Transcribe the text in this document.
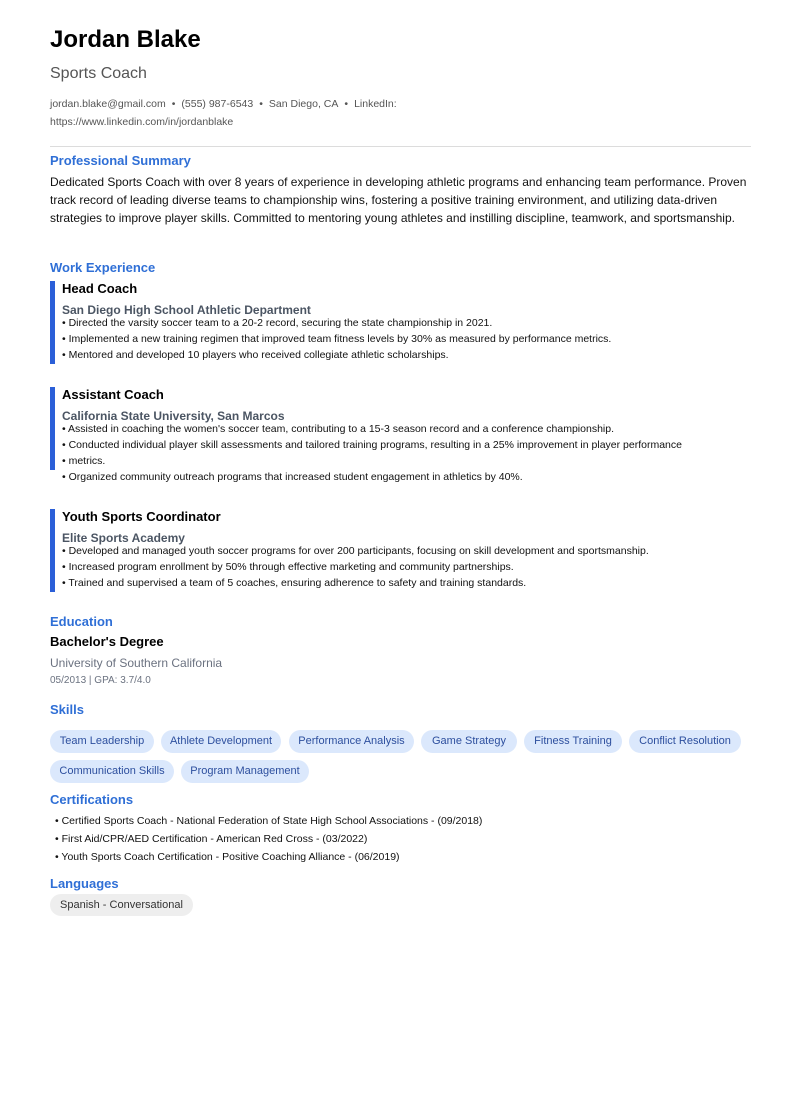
Jordan Blake
Sports Coach
jordan.blake@gmail.com • (555) 987-6543 • San Diego, CA • LinkedIn:
https://www.linkedin.com/in/jordanblake
Professional Summary
Dedicated Sports Coach with over 8 years of experience in developing athletic programs and enhancing team performance. Proven track record of leading diverse teams to championship wins, fostering a positive training environment, and utilizing data-driven strategies to improve player skills. Committed to mentoring young athletes and instilling discipline, teamwork, and sportsmanship.
Work Experience
Head Coach
San Diego High School Athletic Department
• Directed the varsity soccer team to a 20-2 record, securing the state championship in 2021.
• Implemented a new training regimen that improved team fitness levels by 30% as measured by performance metrics.
• Mentored and developed 10 players who received collegiate athletic scholarships.
Assistant Coach
California State University, San Marcos
• Assisted in coaching the women's soccer team, contributing to a 15-3 season record and a conference championship.
• Conducted individual player skill assessments and tailored training programs, resulting in a 25% improvement in player performance
• metrics.
• Organized community outreach programs that increased student engagement in athletics by 40%.
Youth Sports Coordinator
Elite Sports Academy
• Developed and managed youth soccer programs for over 200 participants, focusing on skill development and sportsmanship.
• Increased program enrollment by 50% through effective marketing and community partnerships.
• Trained and supervised a team of 5 coaches, ensuring adherence to safety and training standards.
Education
Bachelor's Degree
University of Southern California
05/2013 | GPA: 3.7/4.0
Skills
Team Leadership	Athlete Development	Performance Analysis	Game Strategy	Fitness Training	Conflict Resolution
Communication Skills	Program Management
Certifications
• Certified Sports Coach - National Federation of State High School Associations - (09/2018)
• First Aid/CPR/AED Certification - American Red Cross - (03/2022)
• Youth Sports Coach Certification - Positive Coaching Alliance - (06/2019)
Languages
Spanish - Conversational
